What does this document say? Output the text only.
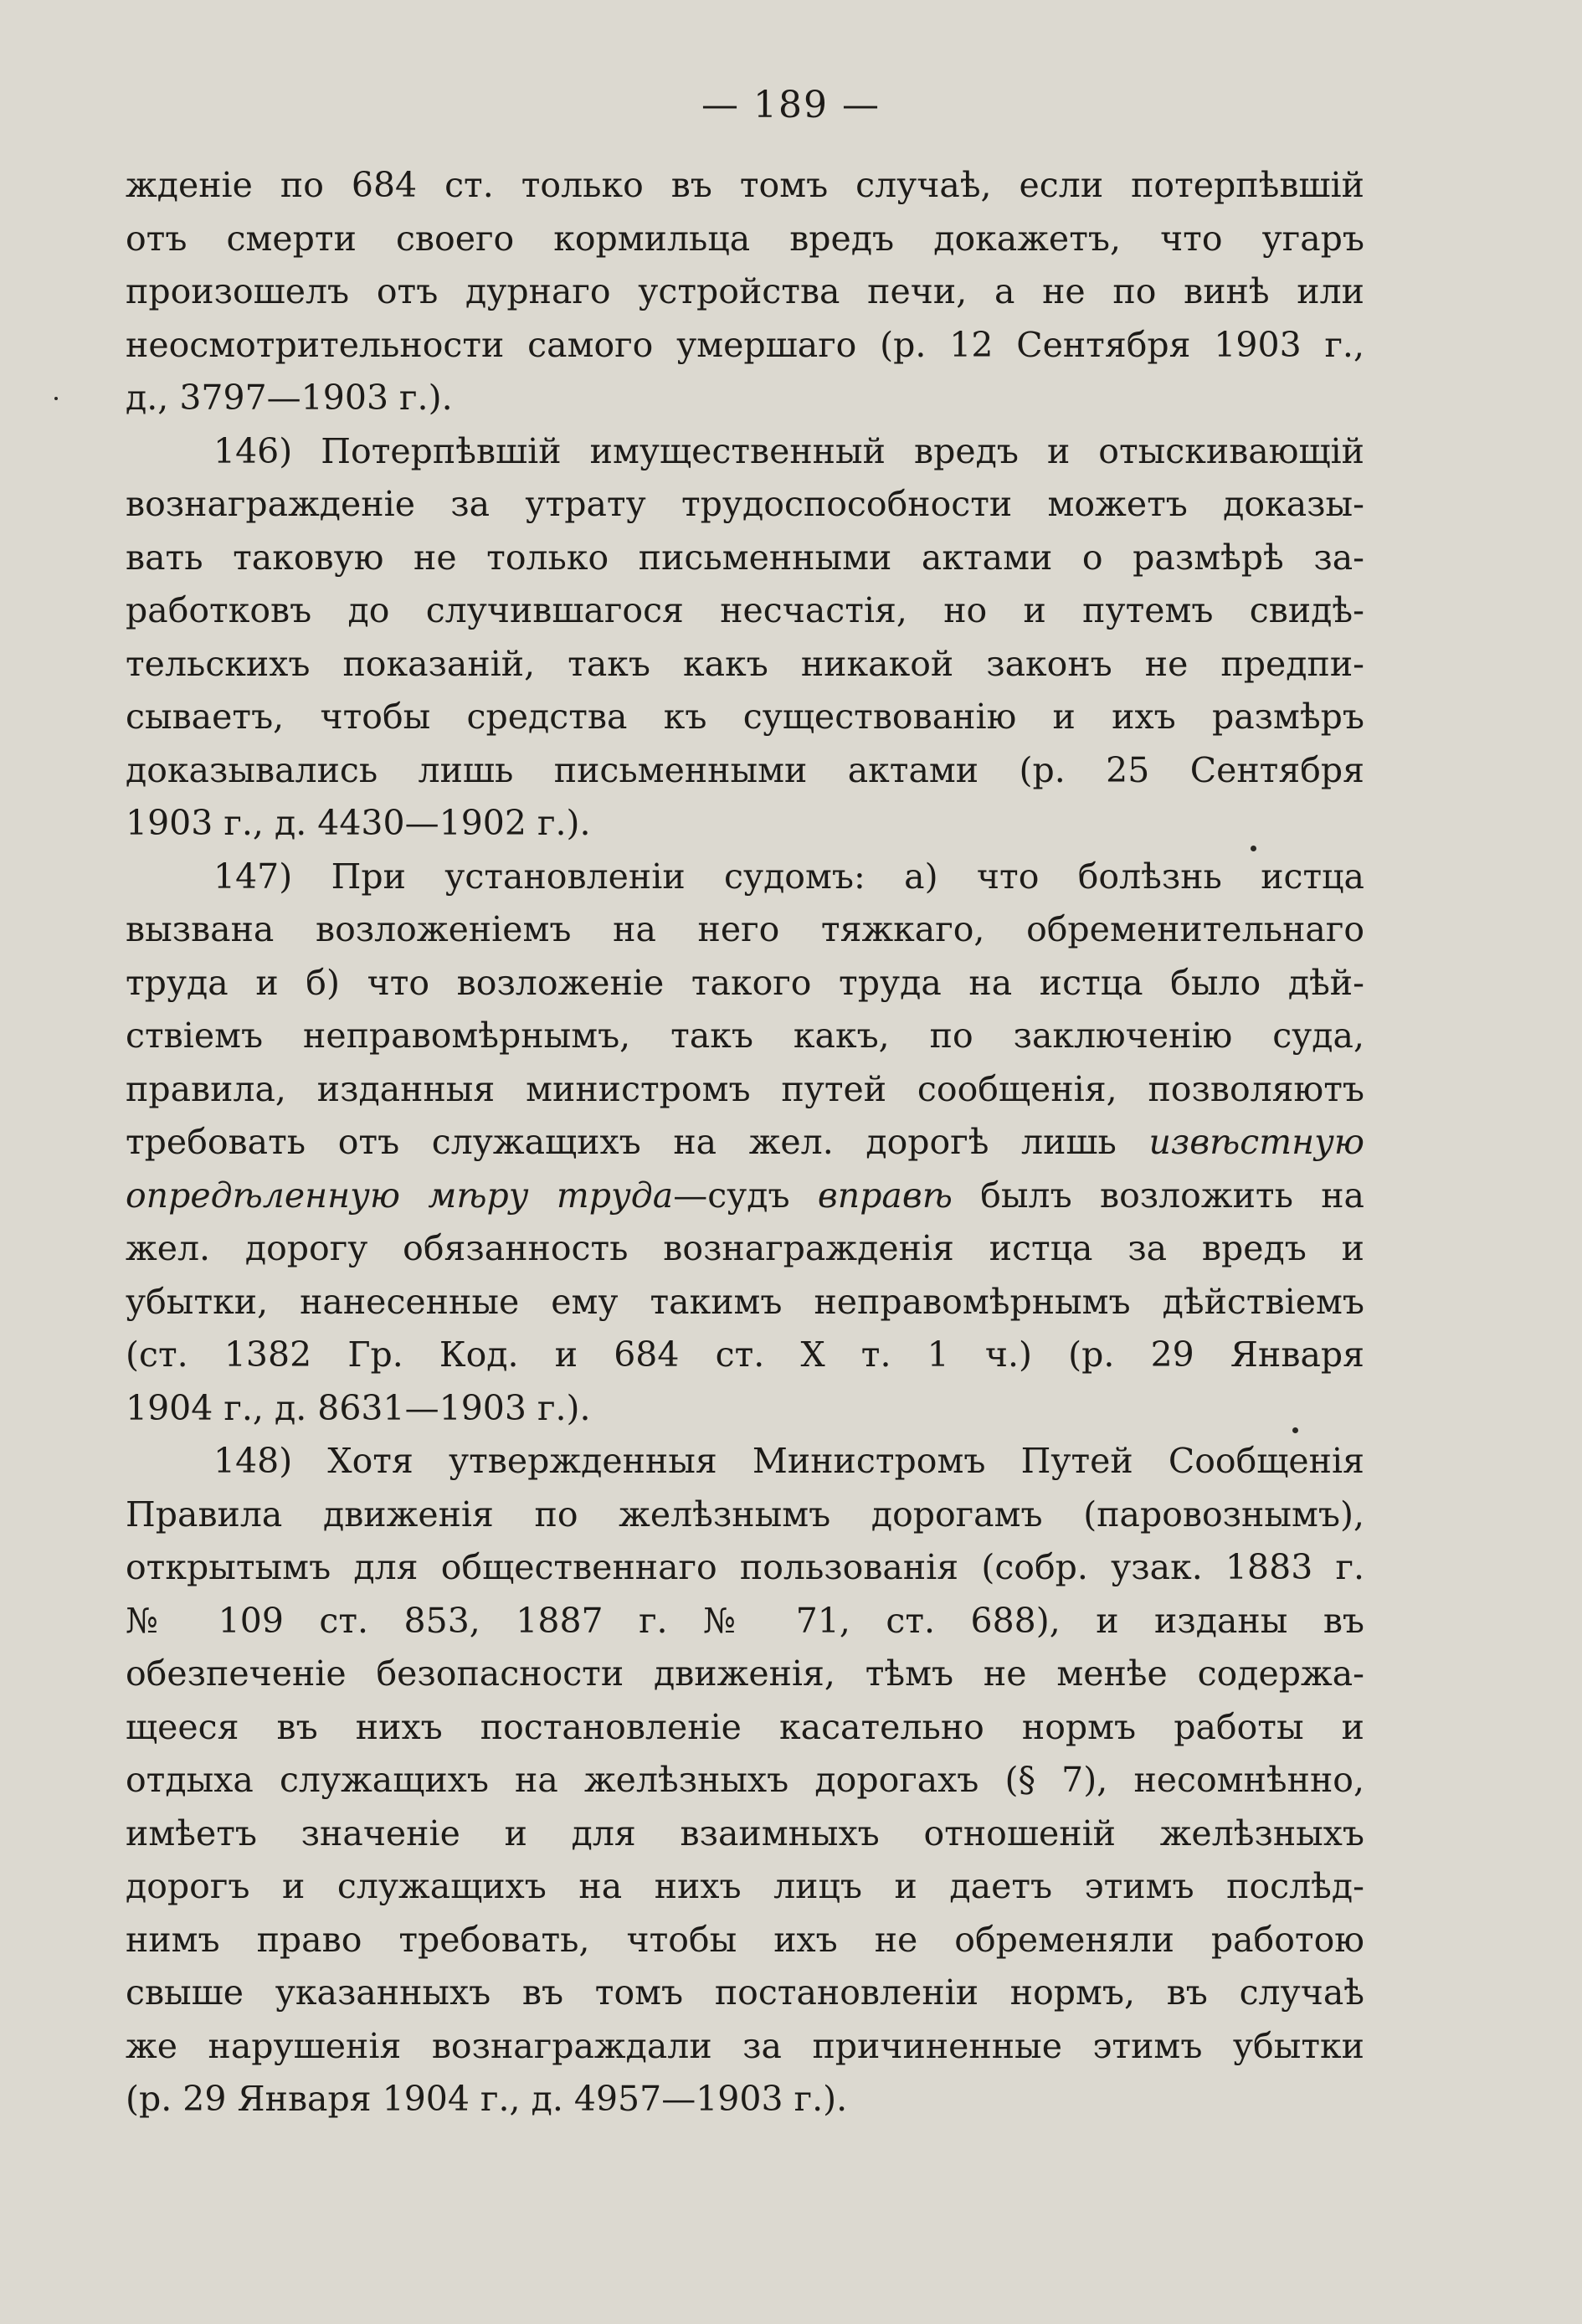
— 189 —
жденіе по 684 ст. только въ томъ случаѣ, если потерпѣвшій
отъ смерти своего кормильца вредъ докажетъ, что угаръ
произошелъ отъ дурнаго устройства печи, а не по винѣ или
неосмотрительности самого умершаго (р. 12 Сентября 1903 г.,
д., 3797—1903 г.).
146) Потерпѣвшій имущественный вредъ и отыскивающій
вознагражденіе за утрату трудоспособности можетъ доказы-
вать таковую не только письменными актами о размѣрѣ за-
работковъ до случившагося несчастія, но и путемъ свидѣ-
тельскихъ показаній, такъ какъ никакой законъ не предпи-
сываетъ, чтобы средства къ существованію и ихъ размѣръ
доказывались лишь письменными актами (р. 25 Сентября
1903 г., д. 4430—1902 г.).
147) При установленіи судомъ: а) что болѣзнь истца
вызвана возложеніемъ на него тяжкаго, обременительнаго
труда и б) что возложеніе такого труда на истца было дѣй-
ствіемъ неправомѣрнымъ, такъ какъ, по заключенію суда,
правила, изданныя министромъ путей сообщенія, позволяютъ
требовать отъ служащихъ на жел. дорогѣ лишь извѣстную
опредѣленную мѣру труда—судъ вправѣ былъ возложить на
жел. дорогу обязанность вознагражденія истца за вредъ и
убытки, нанесенные ему такимъ неправомѣрнымъ дѣйствіемъ
(ст. 1382 Гр. Код. и 684 ст. X т. 1 ч.) (р. 29 Января
1904 г., д. 8631—1903 г.).
148) Хотя утвержденныя Министромъ Путей Сообщенія
Правила движенія по желѣзнымъ дорогамъ (паровознымъ),
открытымъ для общественнаго пользованія (собр. узак. 1883 г.
№ 109 ст. 853, 1887 г. № 71, ст. 688), и изданы въ
обезпеченіе безопасности движенія, тѣмъ не менѣе содержа-
щееся въ нихъ постановленіе касательно нормъ работы и
отдыха служащихъ на желѣзныхъ дорогахъ (§ 7), несомнѣнно,
имѣетъ значеніе и для взаимныхъ отношеній желѣзныхъ
дорогъ и служащихъ на нихъ лицъ и даетъ этимъ послѣд-
нимъ право требовать, чтобы ихъ не обременяли работою
свыше указанныхъ въ томъ постановленіи нормъ, въ случаѣ
же нарушенія вознаграждали за причиненные этимъ убытки
(р. 29 Января 1904 г., д. 4957—1903 г.).
